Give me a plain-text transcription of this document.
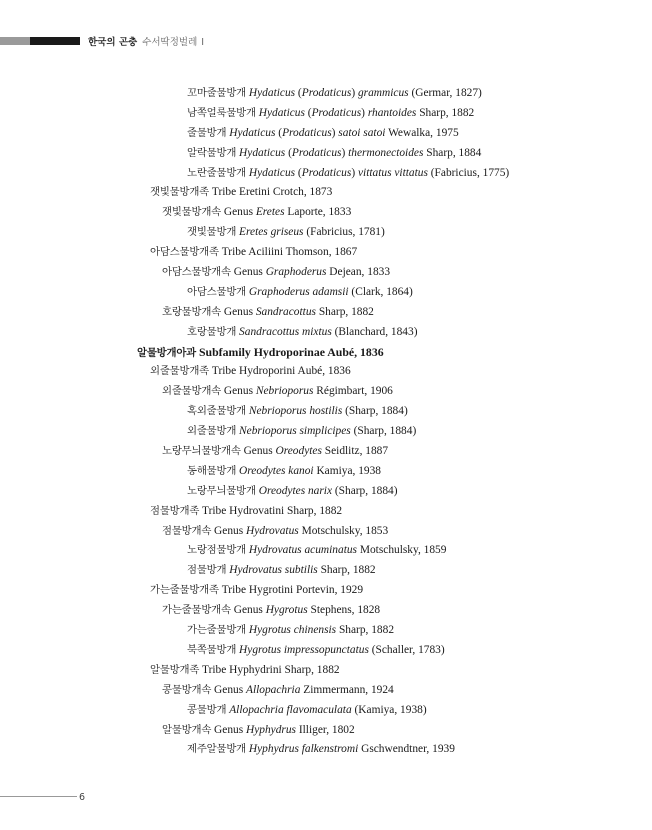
한국의 곤충 수서딱정벌레 I
꼬마줄물방개 Hydaticus (Prodaticus) grammicus (Germar, 1827)
남쪽얼룩물방개 Hydaticus (Prodaticus) rhantoides Sharp, 1882
줄물방개 Hydaticus (Prodaticus) satoi satoi Wewalka, 1975
알락물방개 Hydaticus (Prodaticus) thermonectoides Sharp, 1884
노란줄물방개 Hydaticus (Prodaticus) vittatus vittatus (Fabricius, 1775)
잿빛물방개족 Tribe Eretini Crotch, 1873
잿빛물방개속 Genus Eretes Laporte, 1833
잿빛물방개 Eretes griseus (Fabricius, 1781)
아담스물방개족 Tribe Aciliini Thomson, 1867
아담스물방개속 Genus Graphoderus Dejean, 1833
아담스물방개 Graphoderus adamsii (Clark, 1864)
호랑물방개속 Genus Sandracottus Sharp, 1882
호랑물방개 Sandracottus mixtus (Blanchard, 1843)
알물방개아과 Subfamily Hydroporinae Aubé, 1836
외줄물방개족 Tribe Hydroporini Aubé, 1836
외줄물방개속 Genus Nebrioporus Régimbart, 1906
혹외줄물방개 Nebrioporus hostilis (Sharp, 1884)
외줄물방개 Nebrioporus simplicipes (Sharp, 1884)
노랑무늬물방개속 Genus Oreodytes Seidlitz, 1887
동해물방개 Oreodytes kanoi Kamiya, 1938
노랑무늬물방개 Oreodytes narix (Sharp, 1884)
점물방개족 Tribe Hydrovatini Sharp, 1882
점물방개속 Genus Hydrovatus Motschulsky, 1853
노랑점물방개 Hydrovatus acuminatus Motschulsky, 1859
점물방개 Hydrovatus subtilis Sharp, 1882
가는줄물방개족 Tribe Hygrotini Portevin, 1929
가는줄물방개속 Genus Hygrotus Stephens, 1828
가는줄물방개 Hygrotus chinensis Sharp, 1882
북쪽물방개 Hygrotus impressopunctatus (Schaller, 1783)
알물방개족 Tribe Hyphydrini Sharp, 1882
콩물방개속 Genus Allopachria Zimmermann, 1924
콩물방개 Allopachria flavomaculata (Kamiya, 1938)
알물방개속 Genus Hyphydrus Illiger, 1802
제주알물방개 Hyphydrus falkenstromi Gschwendtner, 1939
6
